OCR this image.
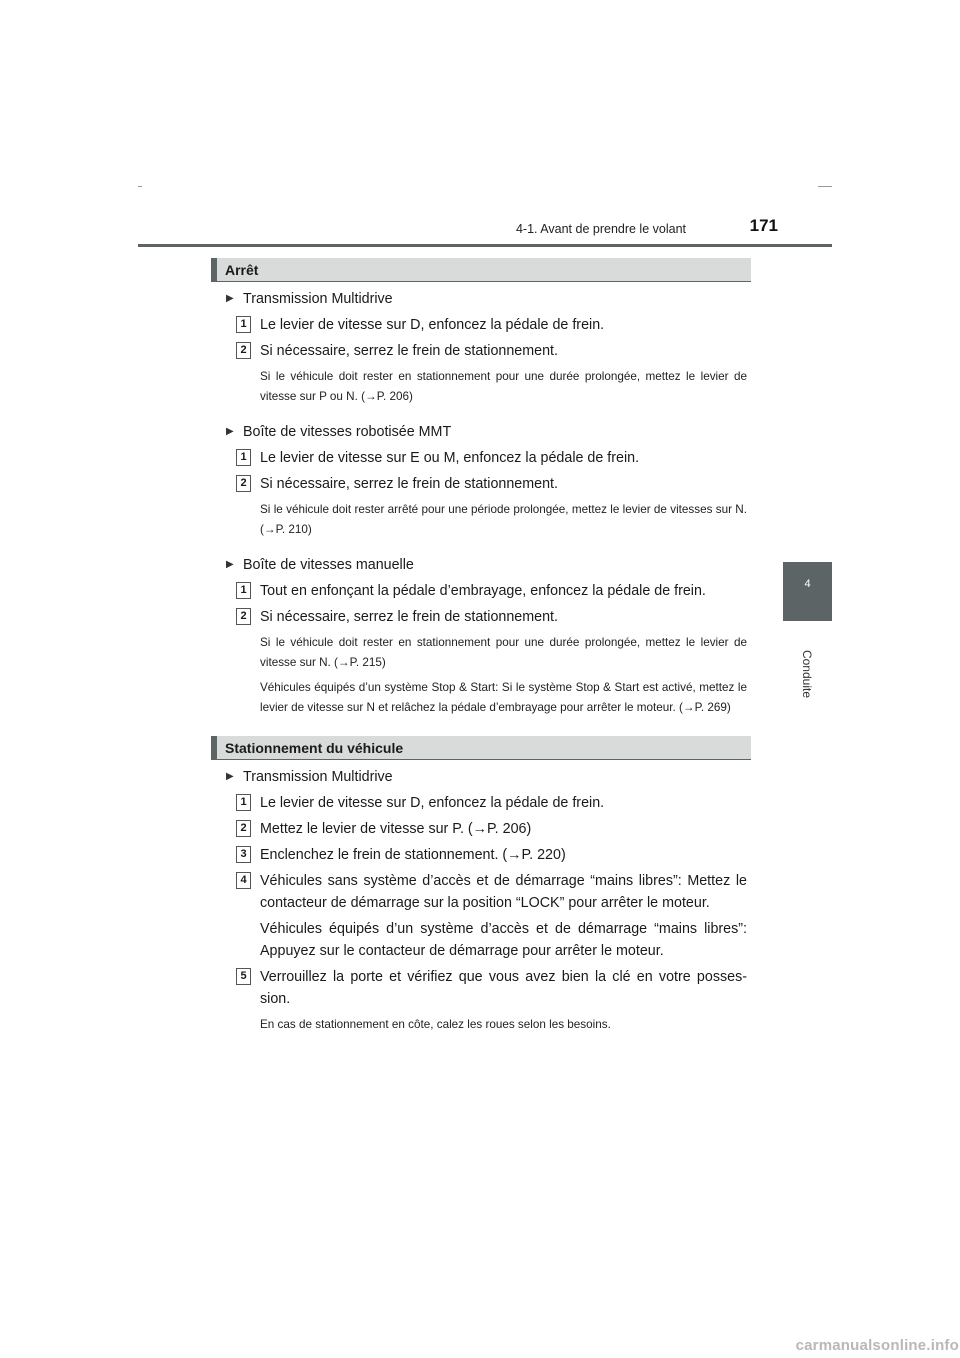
4-1. Avant de prendre le volant	171
4
Conduite
Arrêt
▶ Transmission Multidrive
1 Le levier de vitesse sur D, enfoncez la pédale de frein.

2 Si nécessaire, serrez le frein de stationnement.

Si le véhicule doit rester en stationnement pour une durée prolongée, mettez le levier de vitesse sur P ou N. (→P. 206)
▶ Boîte de vitesses robotisée MMT
1 Le levier de vitesse sur E ou M, enfoncez la pédale de frein.

2 Si nécessaire, serrez le frein de stationnement.

Si le véhicule doit rester arrêté pour une période prolongée, mettez le levier de vitesses sur N. (→P. 210)
▶ Boîte de vitesses manuelle
1 Tout en enfonçant la pédale d’embrayage, enfoncez la pédale de frein.

2 Si nécessaire, serrez le frein de stationnement.

Si le véhicule doit rester en stationnement pour une durée prolongée, mettez le levier de vitesse sur N. (→P. 215)
Véhicules équipés d’un système Stop & Start: Si le système Stop & Start est activé, mettez le levier de vitesse sur N et relâchez la pédale d’embrayage pour arrêter le moteur. (→P. 269)
Stationnement du véhicule
▶ Transmission Multidrive
1 Le levier de vitesse sur D, enfoncez la pédale de frein.

2 Mettez le levier de vitesse sur P. (→P. 206)

3 Enclenchez le frein de stationnement. (→P. 220)

4 Véhicules sans système d’accès et de démarrage “mains libres”: Mettez le contacteur de démarrage sur la position “LOCK” pour arrêter le moteur.

Véhicules équipés d’un système d’accès et de démarrage “mains libres”: Appuyez sur le contacteur de démarrage pour arrêter le moteur.

5 Verrouillez la porte et vérifiez que vous avez bien la clé en votre posses-sion.

En cas de stationnement en côte, calez les roues selon les besoins.
carmanualsonline.info
